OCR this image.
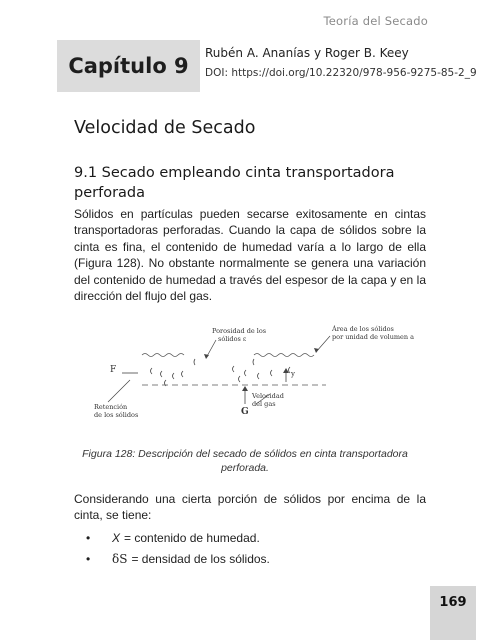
Teoría del Secado
Capítulo 9
Rubén A. Ananías y Roger B. Keey
DOI: https://doi.org/10.22320/978-956-9275-85-2_9
Velocidad de Secado
9.1 Secado empleando cinta transportadora perforada
Sólidos en partículas pueden secarse exitosamente en cintas transportadoras perforadas. Cuando la capa de sólidos sobre la cinta es fina, el contenido de humedad varía a lo largo de ella (Figura 128). No obstante normalmente se genera una variación del contenido de humedad a través del espesor de la capa y en la dirección del flujo del gas.
F	y
G
Porosidad de los
sólidos ε
Área de los sólidos
por unidad de volumen a
Retención
de los sólidos
Velocidad
del gas
Figura 128: Descripción del secado de sólidos en cinta transportadora perforada.
Considerando una cierta porción de sólidos por encima de la cinta, se tiene:
•	X = contenido de humedad.
•	δS = densidad de los sólidos.
169
